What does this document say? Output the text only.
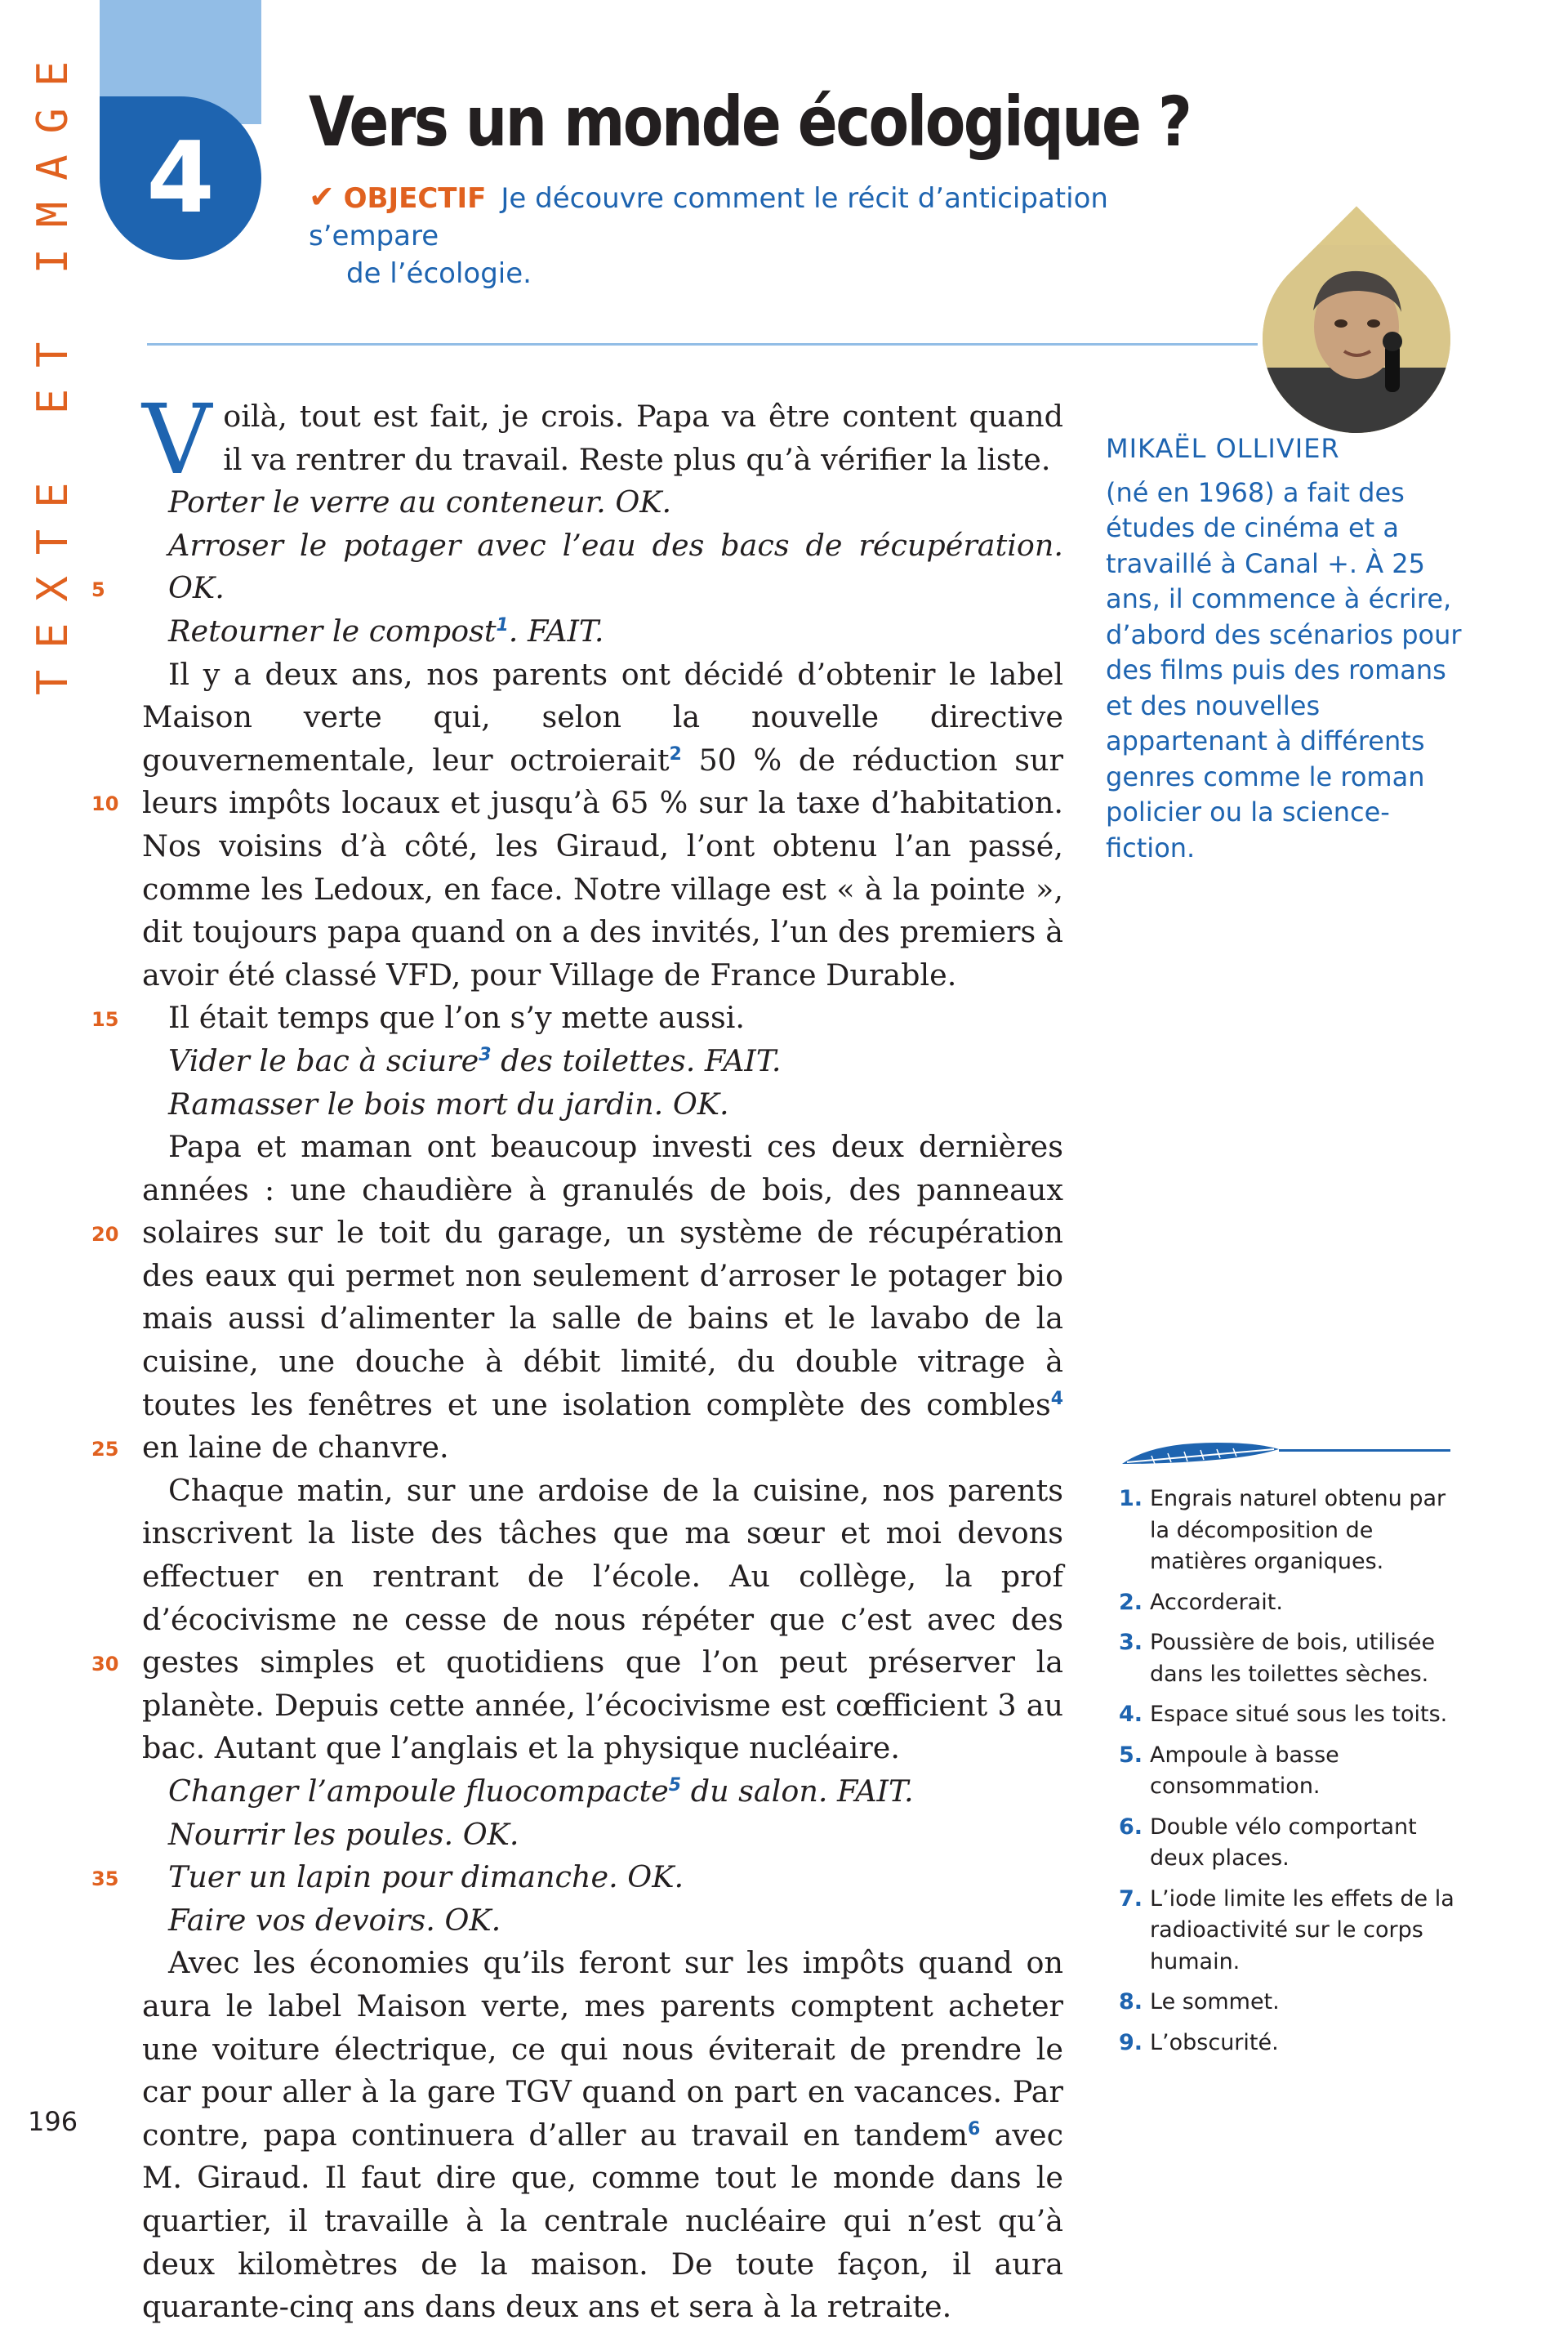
TEXTE ET IMAGE 4 Vers un monde écologique ?
✔ OBJECTIF Je découvre comment le récit d’anticipation s’empare
de l’écologie.
MIKAËL OLLIVIER
(né en 1968) a fait des études de cinéma et a travaillé à Canal +. À 25 ans, il commence à écrire, d’abord des scénarios pour des films puis des romans et des nouvelles appartenant à différents genres comme le roman policier ou la science-fiction.
5
10
15
20
25
30
35

Voilà, tout est fait, je crois. Papa va être content quand il va rentrer du travail. Reste plus qu’à vérifier la liste.

Porter le verre au conteneur. OK.

Arroser le potager avec l’eau des bacs de récupération. OK.

Retourner le compost$^1$. FAIT.

Il y a deux ans, nos parents ont décidé d’obtenir le label Maison verte qui, selon la nouvelle directive gouvernementale, leur octroierait$^2$ 50 % de réduction sur leurs impôts locaux et jusqu’à 65 % sur la taxe d’habitation. Nos voisins d’à côté, les Giraud, l’ont obtenu l’an passé, comme les Ledoux, en face. Notre village est « à la pointe », dit toujours papa quand on a des invités, l’un des premiers à avoir été classé VFD, pour Village de France Durable.

Il était temps que l’on s’y mette aussi.

Vider le bac à sciure$^3$ des toilettes. FAIT.

Ramasser le bois mort du jardin. OK.

Papa et maman ont beaucoup investi ces deux dernières années : une chaudière à granulés de bois, des panneaux solaires sur le toit du garage, un système de récupération des eaux qui permet non seulement d’arroser le potager bio mais aussi d’alimenter la salle de bains et le lavabo de la cuisine, une douche à débit limité, du double vitrage à toutes les fenêtres et une isolation complète des combles$^4$ en laine de chanvre.

Chaque matin, sur une ardoise de la cuisine, nos parents inscrivent la liste des tâches que ma sœur et moi devons effectuer en rentrant de l’école. Au collège, la prof d’écocivisme ne cesse de nous répéter que c’est avec des gestes simples et quotidiens que l’on peut préserver la planète. Depuis cette année, l’écocivisme est cœfficient 3 au bac. Autant que l’anglais et la physique nucléaire.

Changer l’ampoule fluocompacte$^5$ du salon. FAIT.

Nourrir les poules. OK.

Tuer un lapin pour dimanche. OK.

Faire vos devoirs. OK.

Avec les économies qu’ils feront sur les impôts quand on aura le label Maison verte, mes parents comptent acheter une voiture électrique, ce qui nous éviterait de prendre le car pour aller à la gare TGV quand on part en vacances. Par contre, papa continuera d’aller au travail en tandem$^6$ avec M. Giraud. Il faut dire que, comme tout le monde dans le quartier, il travaille à la centrale nucléaire qui n’est qu’à deux kilomètres de la maison. De toute façon, il aura quarante-cinq ans dans deux ans et sera à la retraite.

1. Engrais naturel obtenu par la décomposition de matières organiques.
2. Accorderait.
3. Poussière de bois, utilisée dans les toilettes sèches.
4. Espace situé sous les toits.
5. Ampoule à basse consommation.
6. Double vélo comportant deux places.
7. L’iode limite les effets de la radioactivité sur le corps humain.
8. Le sommet.
9. L’obscurité.
196
